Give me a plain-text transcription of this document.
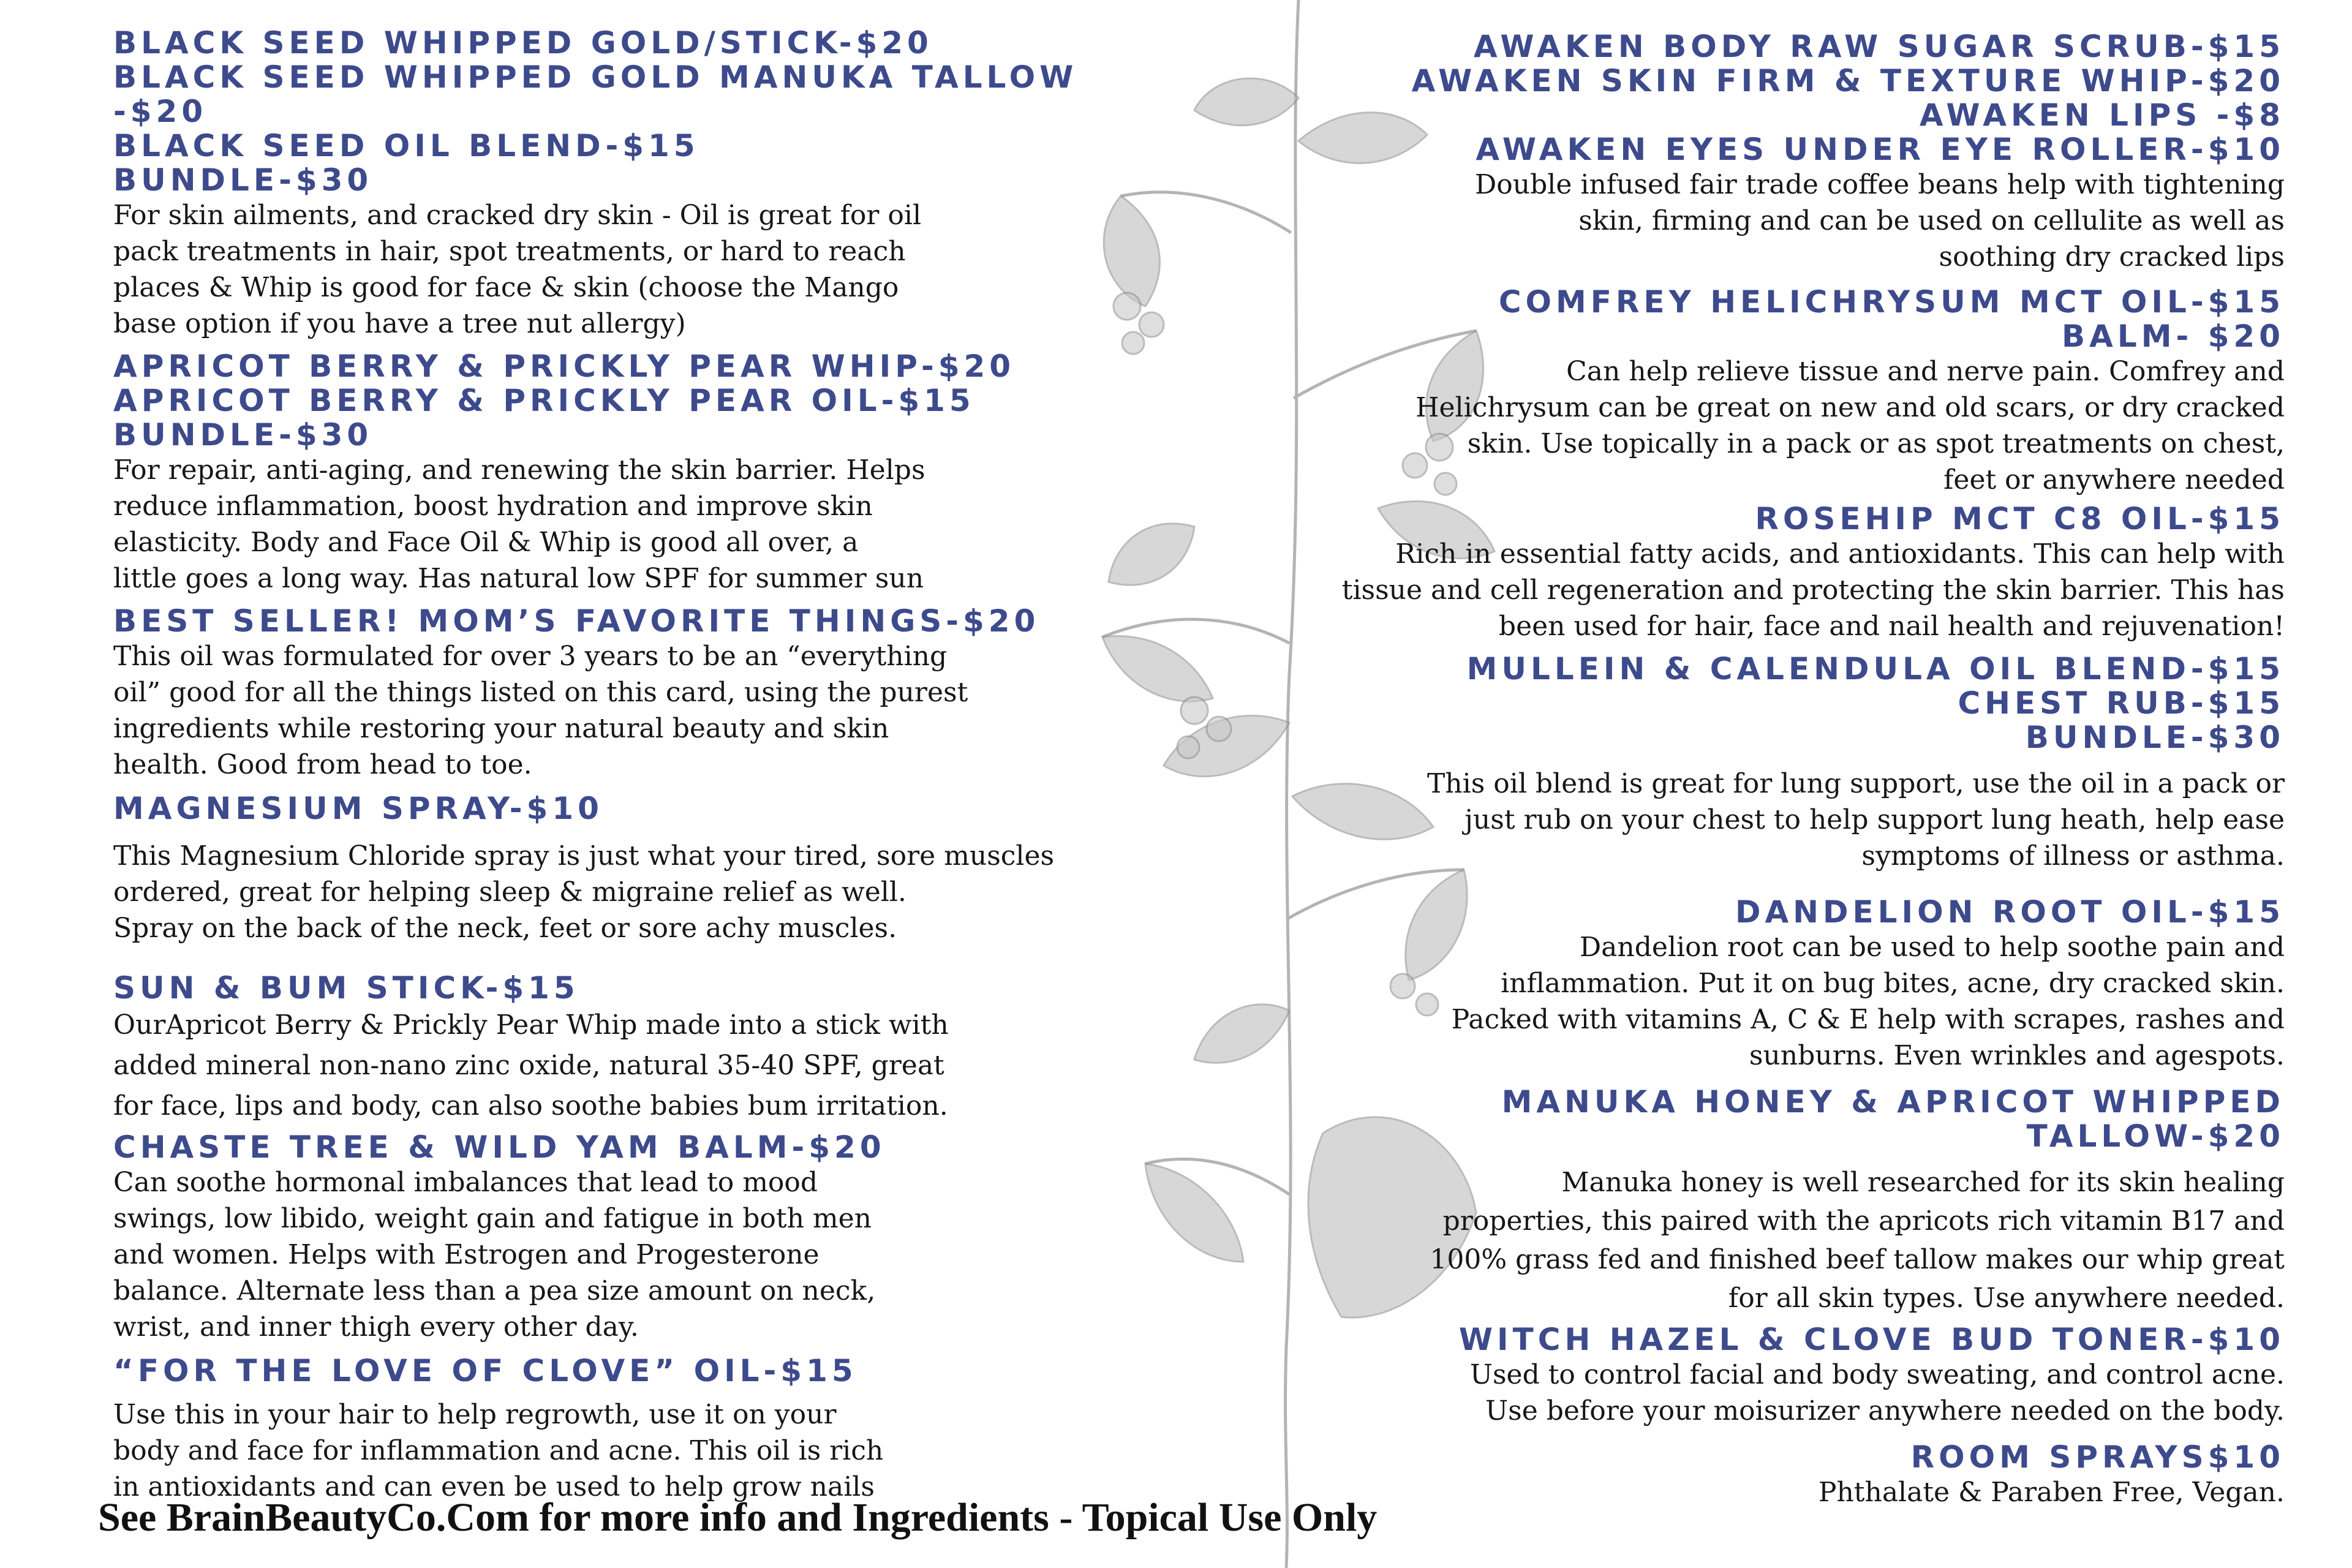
BLACK SEED WHIPPED GOLD/STICK-$20
BLACK SEED WHIPPED GOLD MANUKA TALLOW -$20
BLACK SEED OIL BLEND-$15
BUNDLE-$30
For skin ailments, and cracked dry skin - Oil is great for oil
pack treatments in hair, spot treatments, or hard to reach
places & Whip is good for face & skin (choose the Mango
base option if you have a tree nut allergy)
APRICOT BERRY & PRICKLY PEAR WHIP-$20
APRICOT BERRY & PRICKLY PEAR OIL-$15
BUNDLE-$30
For repair, anti-aging, and renewing the skin barrier. Helps
reduce inflammation, boost hydration and improve skin
elasticity. Body and Face Oil & Whip is good all over, a
little goes a long way. Has natural low SPF for summer sun
BEST SELLER! MOM’S FAVORITE THINGS-$20
This oil was formulated for over 3 years to be an “everything
oil” good for all the things listed on this card, using the purest
ingredients while restoring your natural beauty and skin
health. Good from head to toe.
MAGNESIUM SPRAY-$10
This Magnesium Chloride spray is just what your tired, sore muscles
ordered, great for helping sleep & migraine relief as well.
Spray on the back of the neck, feet or sore achy muscles.
SUN & BUM STICK-$15
OurApricot Berry & Prickly Pear Whip made into a stick with
added mineral non-nano zinc oxide, natural 35-40 SPF, great
for face, lips and body, can also soothe babies bum irritation.
CHASTE TREE & WILD YAM BALM-$20
Can soothe hormonal imbalances that lead to mood
swings, low libido, weight gain and fatigue in both men
and women. Helps with Estrogen and Progesterone
balance. Alternate less than a pea size amount on neck,
wrist, and inner thigh every other day.
“FOR THE LOVE OF CLOVE” OIL-$15
Use this in your hair to help regrowth, use it on your
body and face for inflammation and acne. This oil is rich
in antioxidants and can even be used to help grow nails
AWAKEN BODY RAW SUGAR SCRUB-$15
AWAKEN SKIN FIRM & TEXTURE WHIP-$20
AWAKEN LIPS -$8
AWAKEN EYES UNDER EYE ROLLER-$10
Double infused fair trade coffee beans help with tightening
skin, firming and can be used on cellulite as well as
soothing dry cracked lips
COMFREY HELICHRYSUM MCT OIL-$15
BALM- $20
Can help relieve tissue and nerve pain. Comfrey and
Helichrysum can be great on new and old scars, or dry cracked
skin. Use topically in a pack or as spot treatments on chest,
feet or anywhere needed
ROSEHIP MCT C8 OIL-$15
Rich in essential fatty acids, and antioxidants. This can help with
tissue and cell regeneration and protecting the skin barrier. This has
been used for hair, face and nail health and rejuvenation!
MULLEIN & CALENDULA OIL BLEND-$15
CHEST RUB-$15
BUNDLE-$30
This oil blend is great for lung support, use the oil in a pack or
just rub on your chest to help support lung heath, help ease
symptoms of illness or asthma.
DANDELION ROOT OIL-$15
Dandelion root can be used to help soothe pain and
inflammation. Put it on bug bites, acne, dry cracked skin.
Packed with vitamins A, C & E help with scrapes, rashes and
sunburns. Even wrinkles and agespots.
MANUKA HONEY & APRICOT WHIPPED
TALLOW-$20
Manuka honey is well researched for its skin healing
properties, this paired with the apricots rich vitamin B17 and
100% grass fed and finished beef tallow makes our whip great
for all skin types. Use anywhere needed.
WITCH HAZEL & CLOVE BUD TONER-$10
Used to control facial and body sweating, and control acne.
Use before your moisurizer anywhere needed on the body.
ROOM SPRAYS$10
Phthalate & Paraben Free, Vegan.
See BrainBeautyCo.Com for more info and Ingredients - Topical Use Only
